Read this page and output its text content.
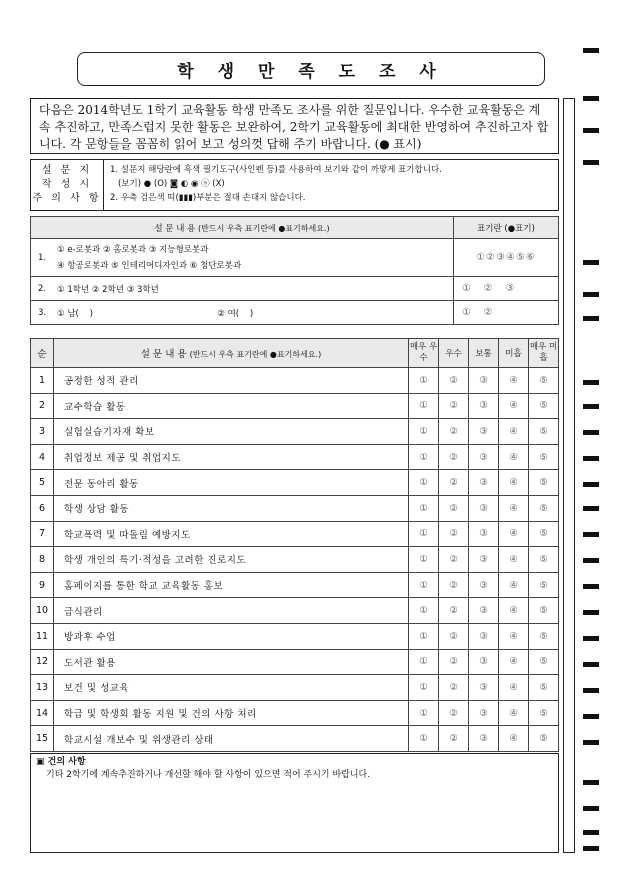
학 생 만 족 도 조 사
다음은 2014학년도 1학기 교육활동 학생 만족도 조사를 위한 질문입니다. 우수한 교육활동은 계속 추진하고, 만족스럽지 못한 활동은 보완하여, 2학기 교육활동에 최대한 반영하여 추진하고자 합니다. 각 문항들을 꼼꼼히 읽어 보고 성의껏 답해 주기 바랍니다. (● 표시)
설 문 지
작 성 시
주 의 사 항
1. 설문지 해당란에 흑색 필기도구(사인펜 등)를 사용하여 보기와 같이 까맣게 표기합니다.
(보기) ● (O) ◙ ◐ ◉ ⓢ (X)
2. 우측 검은색 띠(▮▮▮)부분은 절대 손대지 않습니다.
설 문 내 용 (반드시 우측 표기란에 ●표기하세요.)		표기란 (●표기)
1.	① e-로봇과 ② 홈로봇과 ③ 지능형로봇과
④ 항공로봇과 ⑤ 인테리어디자인과 ⑥ 첨단로봇과	①②③④⑤⑥
2.	① 1학년 ② 2학년 ③ 3학년	①    ②    ③
3.	① 남(    )                                              ② 여(    )	①    ②
순	설 문 내 용 (반드시 우측 표기란에 ●표기하세요.)	매우 우수	우수	보통	미흡	매우 미흡
1	공정한 성적 관리	①	②	③	④	⑤
2	교수학습 활동	①	②	③	④	⑤
3	실험실습기자재 확보	①	②	③	④	⑤
4	취업정보 제공 및 취업지도	①	②	③	④	⑤
5	전문 동아리 활동	①	②	③	④	⑤
6	학생 상담 활동	①	②	③	④	⑤
7	학교폭력 및 따돌림 예방지도	①	②	③	④	⑤
8	학생 개인의 특기·적성을 고려한 진로지도	①	②	③	④	⑤
9	홈페이지를 통한 학교 교육활동 홍보	①	②	③	④	⑤
10	급식관리	①	②	③	④	⑤
11	방과후 수업	①	②	③	④	⑤
12	도서관 활용	①	②	③	④	⑤
13	보건 및 성교육	①	②	③	④	⑤
14	학급 및 학생회 활동 지원 및 건의 사항 처리	①	②	③	④	⑤
15	학교시설 개보수 및 위생관리 상태	①	②	③	④	⑤
▣ 건의 사항
기타 2학기에 계속추진하거나 개선할 해야 할 사항이 있으면 적어 주시기 바랍니다.
